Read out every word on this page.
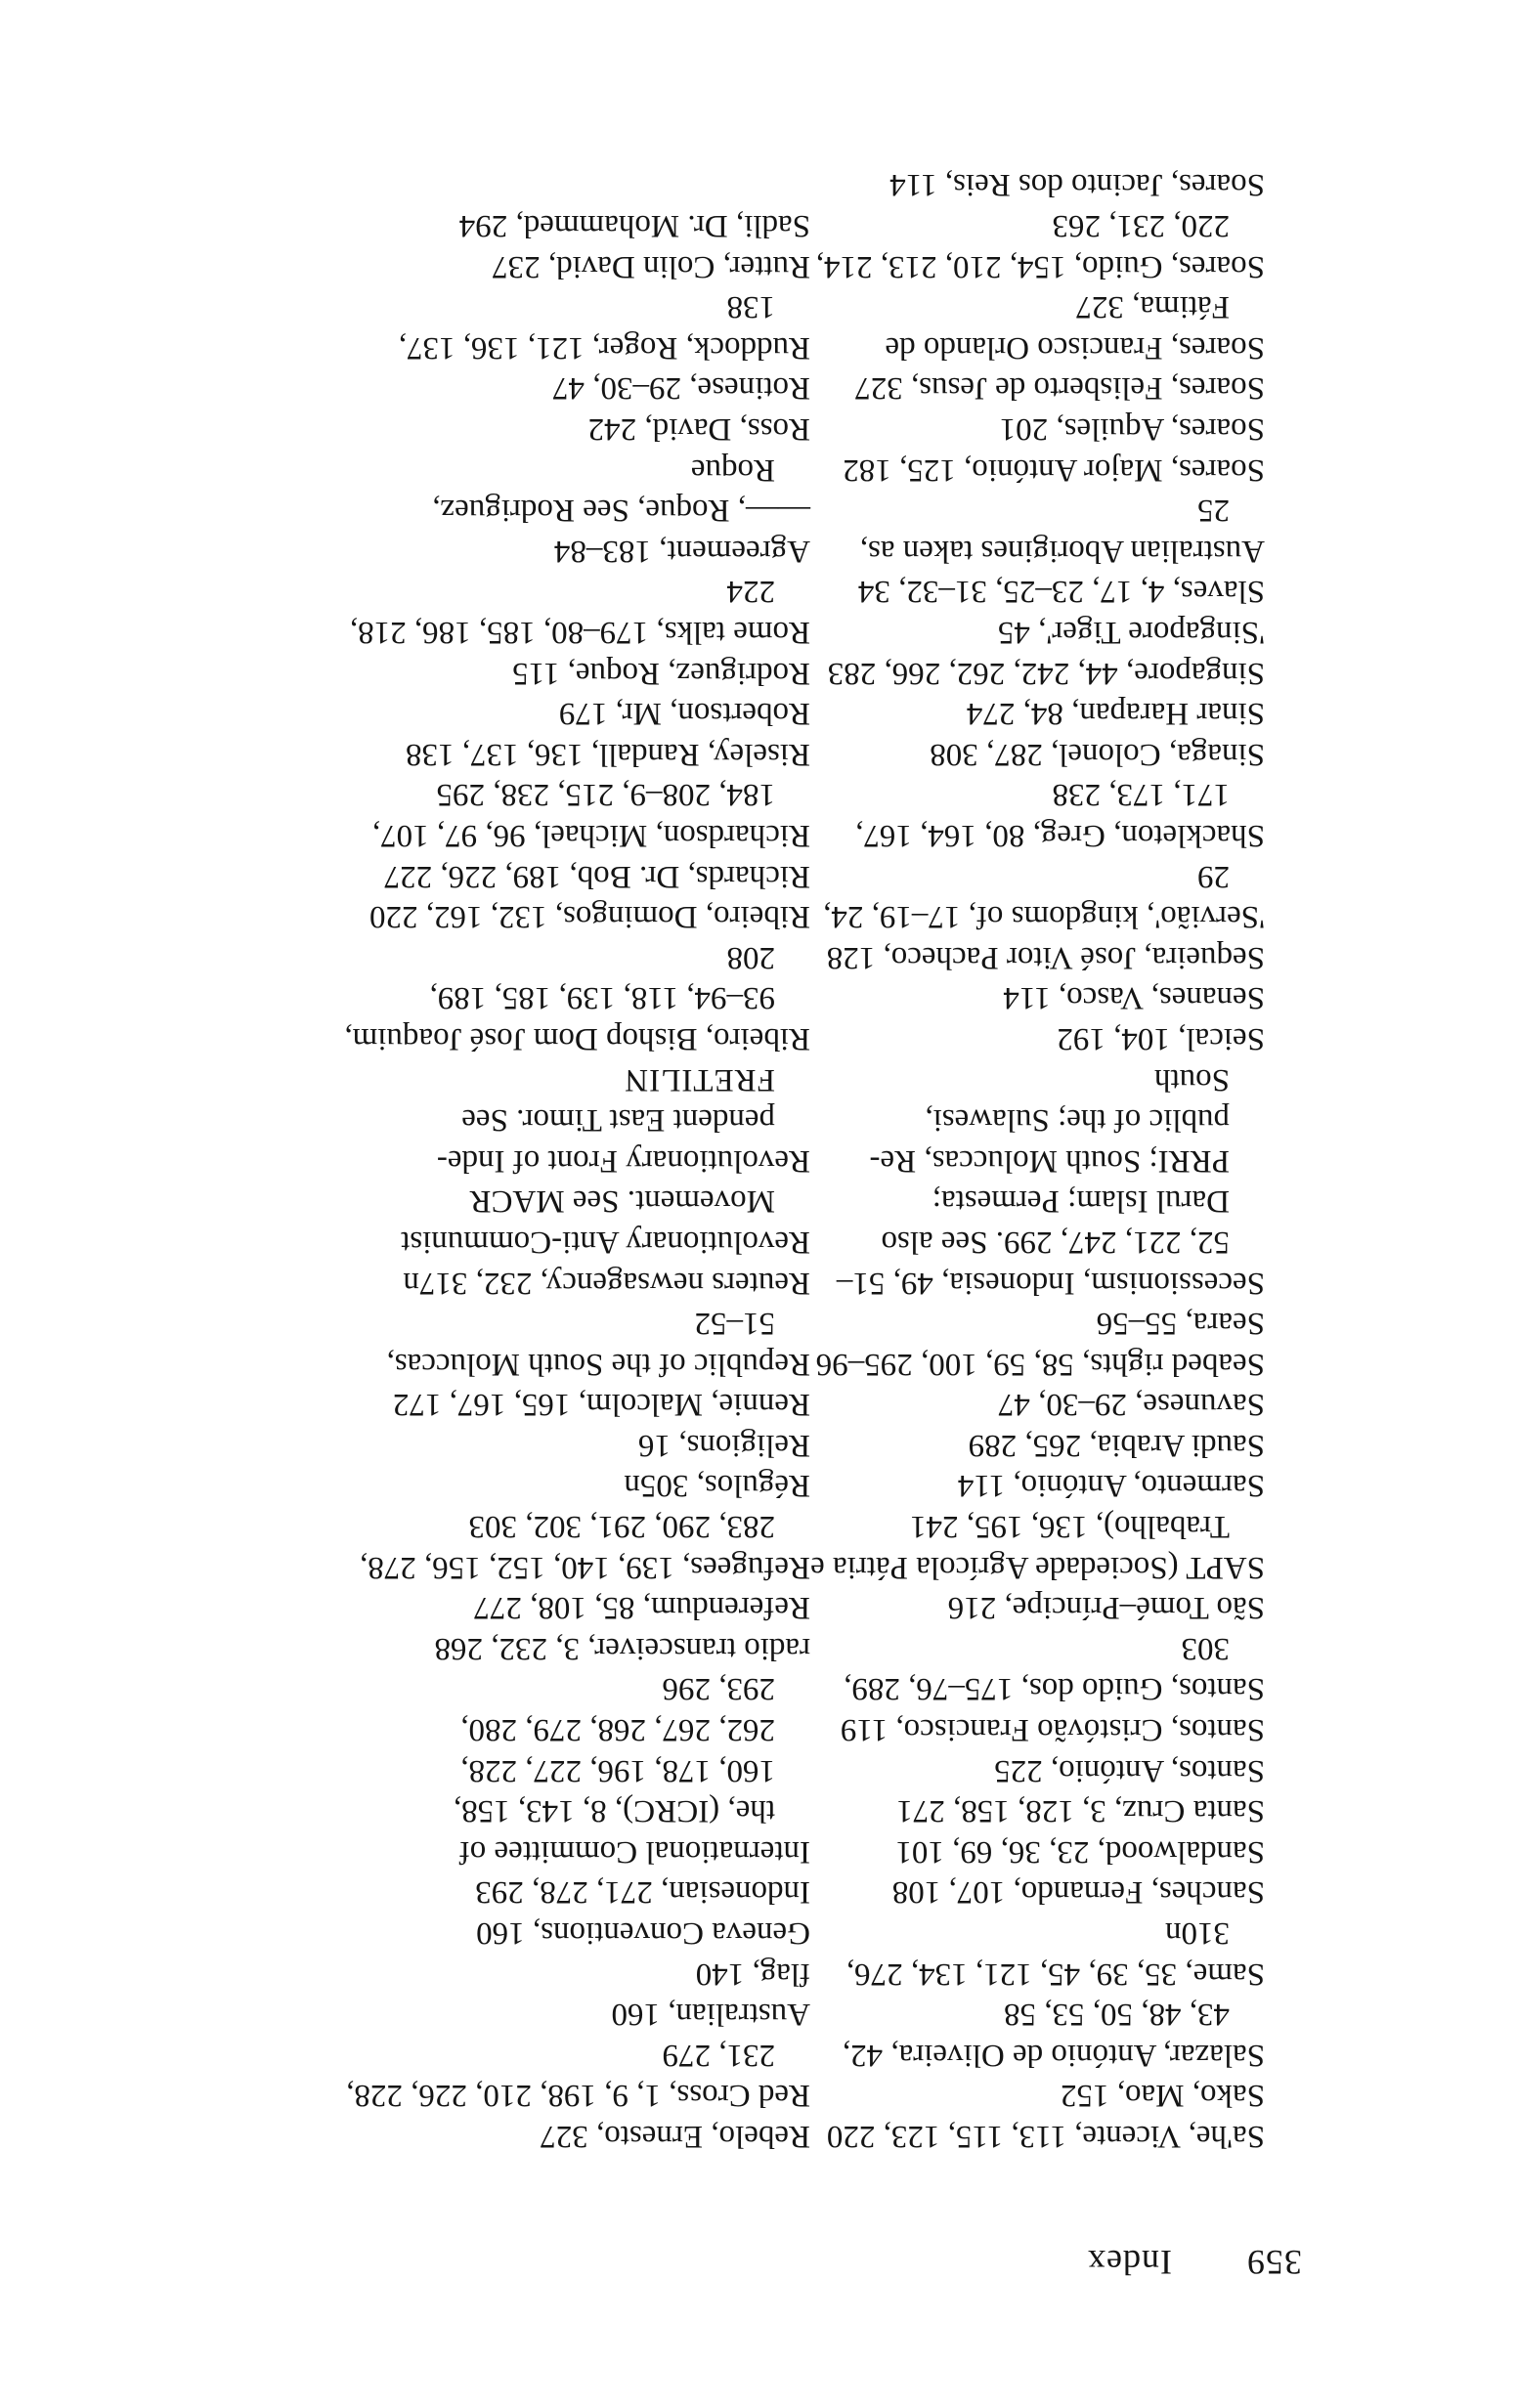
359
Index
Sa'he, Vicente, 113, 115, 123, 220
Sako, Mao, 152
Salazar, António de Oliveira, 42,
43, 48, 50, 53, 58
Same, 35, 39, 45, 121, 134, 276,
310n
Sanches, Fernando, 107, 108
Sandalwood, 23, 36, 69, 101
Santa Cruz, 3, 128, 158, 271
Santos, António, 225
Santos, Cristóvão Francisco, 119
Santos, Guido dos, 175–76, 289,
303
São Tomé–Príncipe, 216
SAPT (Sociedade Agrícola Pátria e
Trabalho), 136, 195, 241
Sarmento, António, 114
Saudi Arabia, 265, 289
Savunese, 29–30, 47
Seabed rights, 58, 59, 100, 295–96
Seara, 55–56
Secessionism, Indonesia, 49, 51–
52, 221, 247, 299. See also
Darul Islam; Permesta;
PRRI; South Moluccas, Re-
public of the; Sulawesi,
South
Seical, 104, 192
Senanes, Vasco, 114
Sequeira, José Vitor Pacheco, 128
'Servião', kingdoms of, 17–19, 24,
29
Shackleton, Greg, 80, 164, 167,
171, 173, 238
Sinaga, Colonel, 287, 308
Sinar Harapan, 84, 274
Singapore, 44, 242, 262, 266, 283
'Singapore Tiger', 45
Slaves, 4, 17, 23–25, 31–32, 34
Australian Aborigines taken as,
25
Soares, Major António, 125, 182
Soares, Aquiles, 201
Soares, Felisberto de Jesus, 327
Soares, Francisco Orlando de
Fátima, 327
Soares, Guido, 154, 210, 213, 214,
220, 231, 263
Soares, Jacinto dos Reis, 114
Rebelo, Ernesto, 327
Red Cross, 1, 9, 198, 210, 226, 228,
231, 279
Australian, 160
flag, 140
Geneva Conventions, 160
Indonesian, 271, 278, 293
International Committee of
the, (ICRC), 8, 143, 158,
160, 178, 196, 227, 228,
262, 267, 268, 279, 280,
293, 296
radio transceiver, 3, 232, 268
Referendum, 85, 108, 277
Refugees, 139, 140, 152, 156, 278,
283, 290, 291, 302, 303
Régulos, 305n
Religions, 16
Rennie, Malcolm, 165, 167, 172
Republic of the South Moluccas,
51–52
Reuters newsagency, 232, 317n
Revolutionary Anti-Communist
Movement. See MACR
Revolutionary Front of Inde-
pendent East Timor. See
FRETILIN
Ribeiro, Bishop Dom José Joaquim,
93–94, 118, 139, 185, 189,
208
Ribeiro, Domingos, 132, 162, 220
Richards, Dr. Bob, 189, 226, 227
Richardson, Michael, 96, 97, 107,
184, 208–9, 215, 238, 295
Riseley, Randall, 136, 137, 138
Robertson, Mr, 179
Rodriguez, Roque, 115
Rome talks, 179–80, 185, 186, 218,
224
Agreement, 183–84
——, Roque, See Rodriguez,
Roque
Ross, David, 242
Rotinese, 29–30, 47
Ruddock, Roger, 121, 136, 137,
138
Rutter, Colin David, 237
Sadli, Dr. Mohammed, 294
